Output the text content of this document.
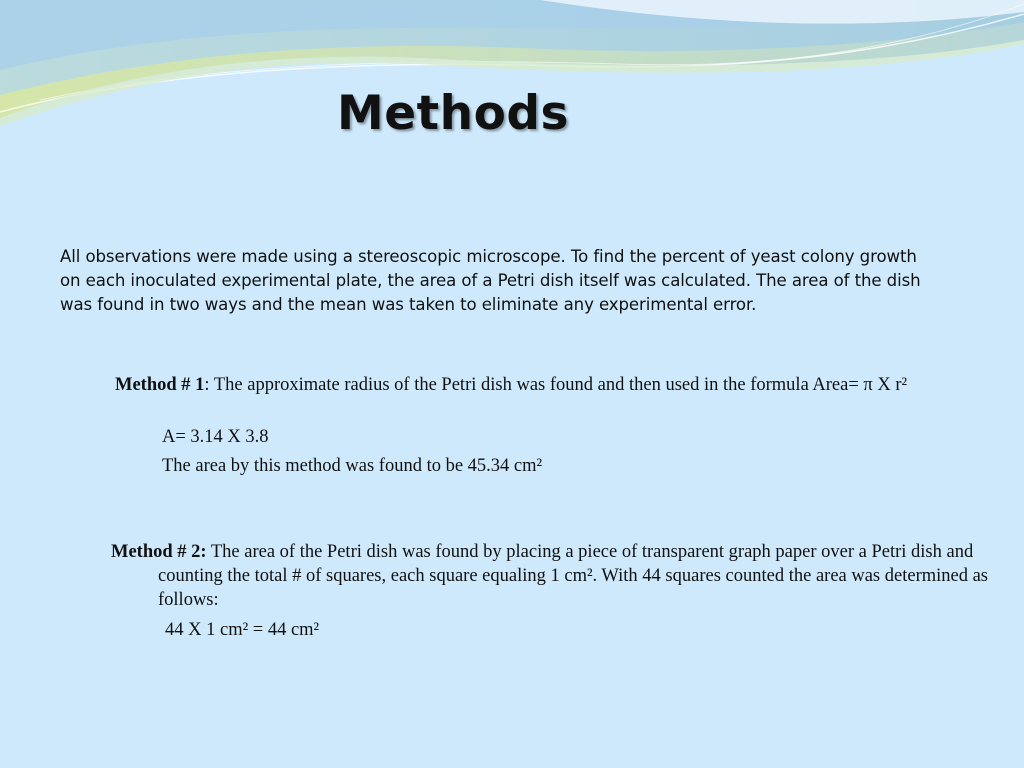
Methods

All observations were made using a stereoscopic microscope. To find the percent of yeast colony growth on each inoculated experimental plate, the area of a Petri dish itself was calculated. The area of the dish was found in two ways and the mean was taken to eliminate any experimental error.

Method # 1: The approximate radius of the Petri dish was found and then used in the formula Area= π X r²

A= 3.14 X 3.8

The area by this method was found to be 45.34 cm²

Method # 2: The area of the Petri dish was found by placing a piece of transparent graph paper over a Petri dish and counting the total # of squares, each square equaling 1 cm². With 44 squares counted the area was determined as follows:

44 X 1 cm² = 44 cm²
